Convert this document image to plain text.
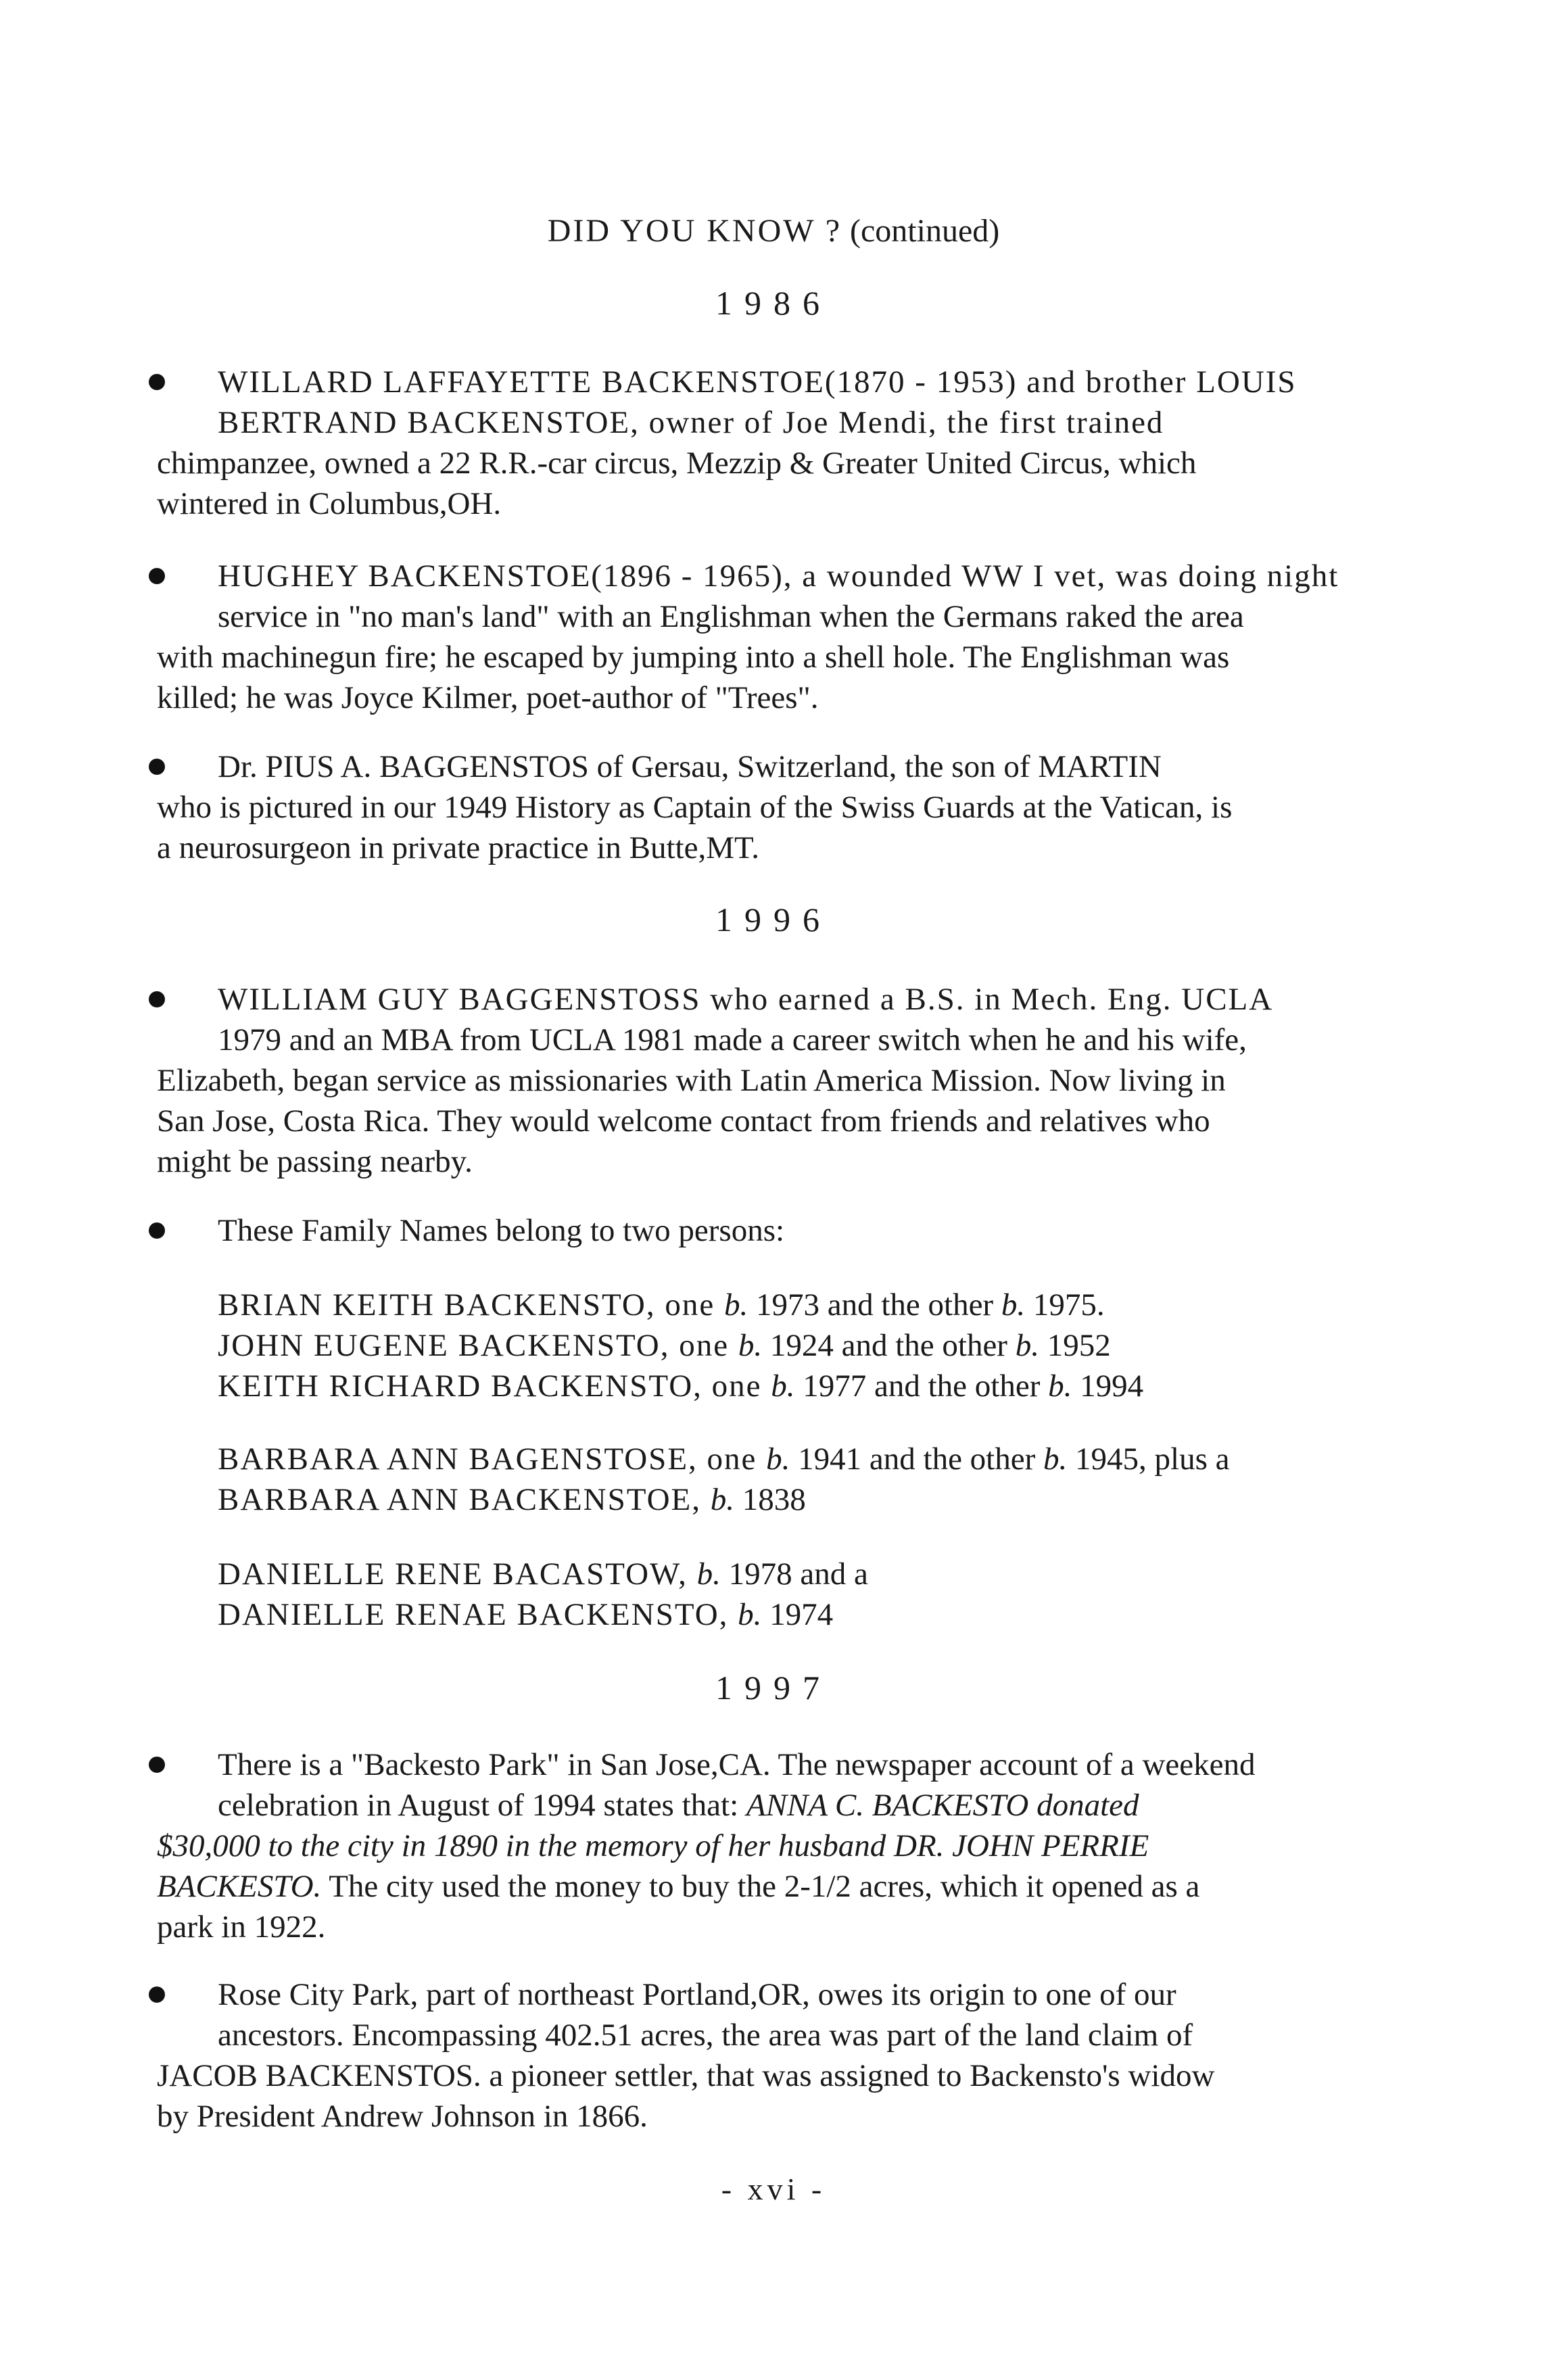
DID YOU KNOW ? (continued)
1986
WILLARD LAFFAYETTE BACKENSTOE(1870 - 1953) and brother LOUIS
BERTRAND BACKENSTOE, owner of Joe Mendi, the first trained
chimpanzee, owned a 22 R.R.-car circus, Mezzip & Greater United Circus, which
wintered in Columbus,OH.
HUGHEY BACKENSTOE(1896 - 1965), a wounded WW I vet, was doing night
service in "no man's land" with an Englishman when the Germans raked the area
with machinegun fire; he escaped by jumping into a shell hole. The Englishman was
killed; he was Joyce Kilmer, poet-author of "Trees".
Dr. PIUS A. BAGGENSTOS of Gersau, Switzerland, the son of MARTIN
who is pictured in our 1949 History as Captain of the Swiss Guards at the Vatican, is
a neurosurgeon in private practice in Butte,MT.
1996
WILLIAM GUY BAGGENSTOSS who earned a B.S. in Mech. Eng. UCLA
1979 and an MBA from UCLA 1981 made a career switch when he and his wife,
Elizabeth, began service as missionaries with Latin America Mission. Now living in
San Jose, Costa Rica. They would welcome contact from friends and relatives who
might be passing nearby.
These Family Names belong to two persons:
BRIAN KEITH BACKENSTO, one b. 1973 and the other b. 1975.
JOHN EUGENE BACKENSTO, one b. 1924 and the other b. 1952
KEITH RICHARD BACKENSTO, one b. 1977 and the other b. 1994
BARBARA ANN BAGENSTOSE, one b. 1941 and the other b. 1945, plus a
BARBARA ANN BACKENSTOE, b. 1838
DANIELLE RENE BACASTOW, b. 1978 and a
DANIELLE RENAE BACKENSTO, b. 1974
1997
There is a "Backesto Park" in San Jose,CA. The newspaper account of a weekend
celebration in August of 1994 states that: ANNA C. BACKESTO donated
$30,000 to the city in 1890 in the memory of her husband DR. JOHN PERRIE
BACKESTO. The city used the money to buy the 2-1/2 acres, which it opened as a
park in 1922.
Rose City Park, part of northeast Portland,OR, owes its origin to one of our
ancestors. Encompassing 402.51 acres, the area was part of the land claim of
JACOB BACKENSTOS. a pioneer settler, that was assigned to Backensto's widow
by President Andrew Johnson in 1866.
- xvi -
